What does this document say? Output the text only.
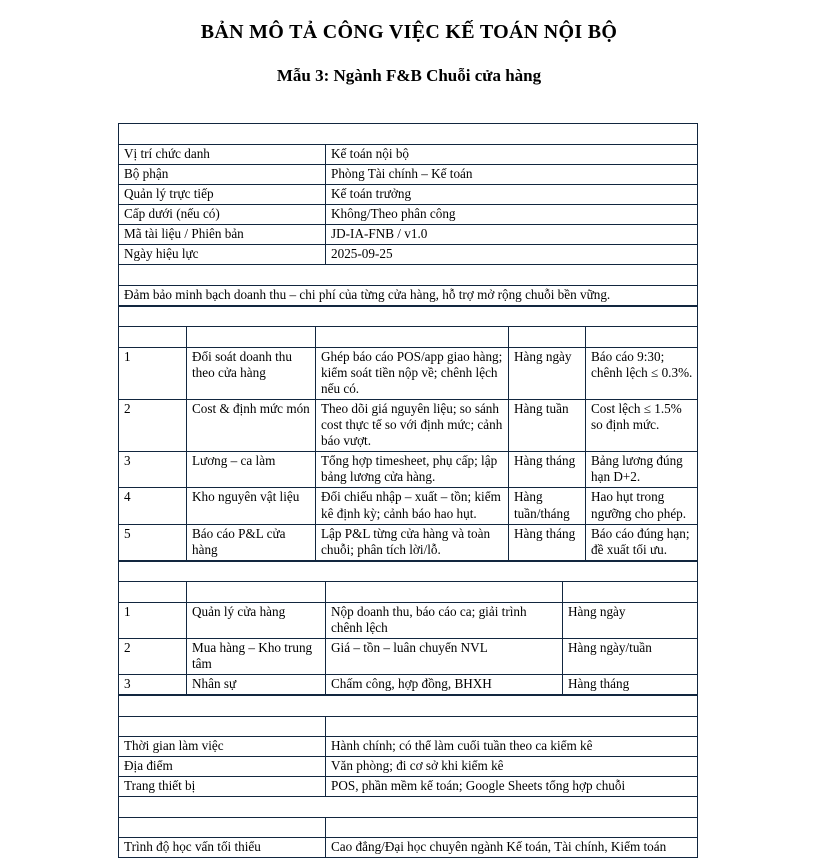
BẢN MÔ TẢ CÔNG VIỆC KẾ TOÁN NỘI BỘ
Mẫu 3: Ngành F&B Chuỗi cửa hàng
I. THÔNG TIN CHUNG	
Vị trí chức danh	Kế toán nội bộ
Bộ phận	Phòng Tài chính – Kế toán
Quản lý trực tiếp	Kế toán trưởng
Cấp dưới (nếu có)	Không/Theo phân công
Mã tài liệu / Phiên bản	JD-IA-FNB / v1.0
Ngày hiệu lực	2025-09-25
II. MỤC ĐÍCH CÔNG VIỆC	
Đảm bảo minh bạch doanh thu – chi phí của từng cửa hàng, hỗ trợ mở rộng chuỗi bền vững.	
III. NHIỆM VỤ & QUYỀN HẠN				
STT	Nhiệm vụ chính	Đầu việc tiêu biểu	Tần suất	KQ đầu ra/KPI
1	Đối soát doanh thu theo cửa hàng	Ghép báo cáo POS/app giao hàng; kiểm soát tiền nộp về; chênh lệch nếu có.	Hàng ngày	Báo cáo 9:30; chênh lệch ≤ 0.3%.
2	Cost & định mức món	Theo dõi giá nguyên liệu; so sánh cost thực tế so với định mức; cảnh báo vượt.	Hàng tuần	Cost lệch ≤ 1.5% so định mức.
3	Lương – ca làm	Tổng hợp timesheet, phụ cấp; lập bảng lương cửa hàng.	Hàng tháng	Bảng lương đúng hạn D+2.
4	Kho nguyên vật liệu	Đối chiếu nhập – xuất – tồn; kiểm kê định kỳ; cảnh báo hao hụt.	Hàng tuần/tháng	Hao hụt trong ngưỡng cho phép.
5	Báo cáo P&L cửa hàng	Lập P&L từng cửa hàng và toàn chuỗi; phân tích lời/lỗ.	Hàng tháng	Báo cáo đúng hạn; đề xuất tối ưu.
IV. QUAN HỆ CÔNG TÁC			
STT	Đối tượng	Mục đích tương tác	Tần suất
1	Quản lý cửa hàng	Nộp doanh thu, báo cáo ca; giải trình chênh lệch	Hàng ngày
2	Mua hàng – Kho trung tâm	Giá – tồn – luân chuyển NVL	Hàng ngày/tuần
3	Nhân sự	Chấm công, hợp đồng, BHXH	Hàng tháng
V. ĐIỀU KIỆN LÀM VIỆC	
Tiêu chí	Chi tiết
Thời gian làm việc	Hành chính; có thể làm cuối tuần theo ca kiểm kê
Địa điểm	Văn phòng; đi cơ sở khi kiểm kê
Trang thiết bị	POS, phần mềm kế toán; Google Sheets tổng hợp chuỗi
VI. TIÊU CHUẨN NĂNG LỰC	
Tiêu chí	Tiêu chuẩn
Trình độ học vấn tối thiểu	Cao đẳng/Đại học chuyên ngành Kế toán, Tài chính, Kiểm toán
